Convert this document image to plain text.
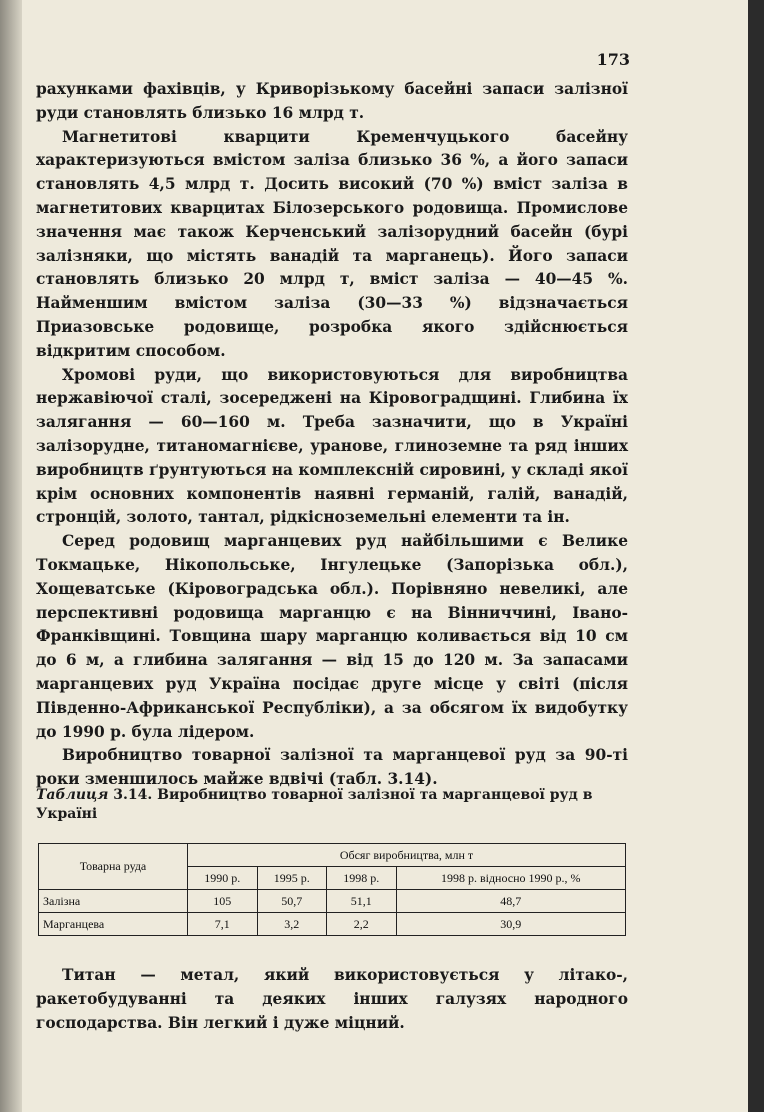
173

рахунками фахівців, у Криворізькому басейні запаси залізної руди становлять близько 16 млрд т.

Магнетитові кварцити Кременчуцького басейну характеризуються вмістом заліза близько 36 %, а його запаси становлять 4,5 млрд т. Досить високий (70 %) вміст заліза в магнетитових кварцитах Білозерського родовища. Промислове значення має також Керченський залізорудний басейн (бурі залізняки, що містять ванадій та марганець). Його запаси становлять близько 20 млрд т, вміст заліза — 40—45 %. Найменшим вмістом заліза (30—33 %) відзначається Приазовське родовище, розробка якого здійснюється відкритим способом.

Хромові руди, що використовуються для виробництва нержавіючої сталі, зосереджені на Кіровоградщині. Глибина їх залягання — 60—160 м. Треба зазначити, що в Україні залізорудне, титаномагнієве, уранове, глиноземне та ряд інших виробництв ґрунтуються на комплексній сировині, у складі якої крім основних компонентів наявні германій, галій, ванадій, стронцій, золото, тантал, рідкісноземельні елементи та ін.

Серед родовищ марганцевих руд найбільшими є Велике Токмацьке, Нікопольське, Інгулецьке (Запорізька обл.), Хощеватське (Кіровоградська обл.). Порівняно невеликі, але перспективні родовища марганцю є на Вінниччині, Івано-Франківщині. Товщина шару марганцю коливається від 10 см до 6 м, а глибина залягання — від 15 до 120 м. За запасами марганцевих руд Україна посідає друге місце у світі (після Південно-Африканської Республіки), а за обсягом їх видобутку до 1990 р. була лідером.

Виробництво товарної залізної та марганцевої руд за 90-ті роки зменшилось майже вдвічі (табл. 3.14).

Таблиця 3.14. Виробництво товарної залізної та марганцевої руд в Україні
Товарна руда	Обсяг виробництва, млн т			
	1990 р.	1995 р.	1998 р.	1998 р. відносно 1990 р., %
Залізна	105	50,7	51,1	48,7
Марганцева	7,1	3,2	2,2	30,9

Титан — метал, який використовується у літако-, ракетобудуванні та деяких інших галузях народного господарства. Він легкий і дуже міцний.
